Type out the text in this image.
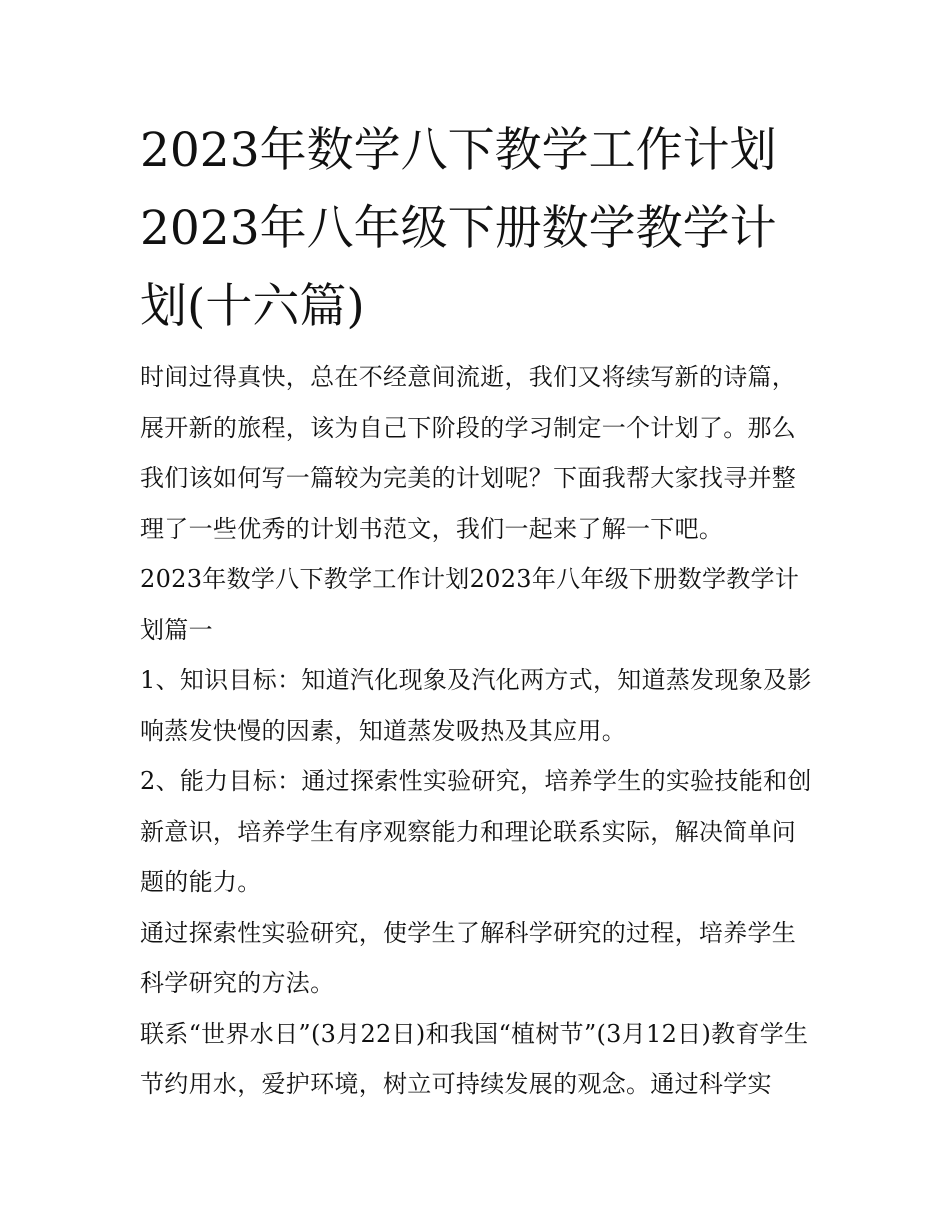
2023年数学八下教学工作计划
2023年八年级下册数学教学计
划(十六篇)

时间过得真快，总在不经意间流逝，我们又将续写新的诗篇，展开新的旅程，该为自己下阶段的学习制定一个计划了。那么我们该如何写一篇较为完美的计划呢？下面我帮大家找寻并整理了一些优秀的计划书范文，我们一起来了解一下吧。

2023年数学八下教学工作计划2023年八年级下册数学教学计划篇一

1、知识目标：知道汽化现象及汽化两方式，知道蒸发现象及影响蒸发快慢的因素，知道蒸发吸热及其应用。

2、能力目标：通过探索性实验研究，培养学生的实验技能和创新意识，培养学生有序观察能力和理论联系实际，解决简单问题的能力。

通过探索性实验研究，使学生了解科学研究的过程，培养学生科学研究的方法。

联系“世界水日”(3月22日)和我国“植树节”(3月12日)教育学生节约用水，爱护环境，树立可持续发展的观念。通过科学实
